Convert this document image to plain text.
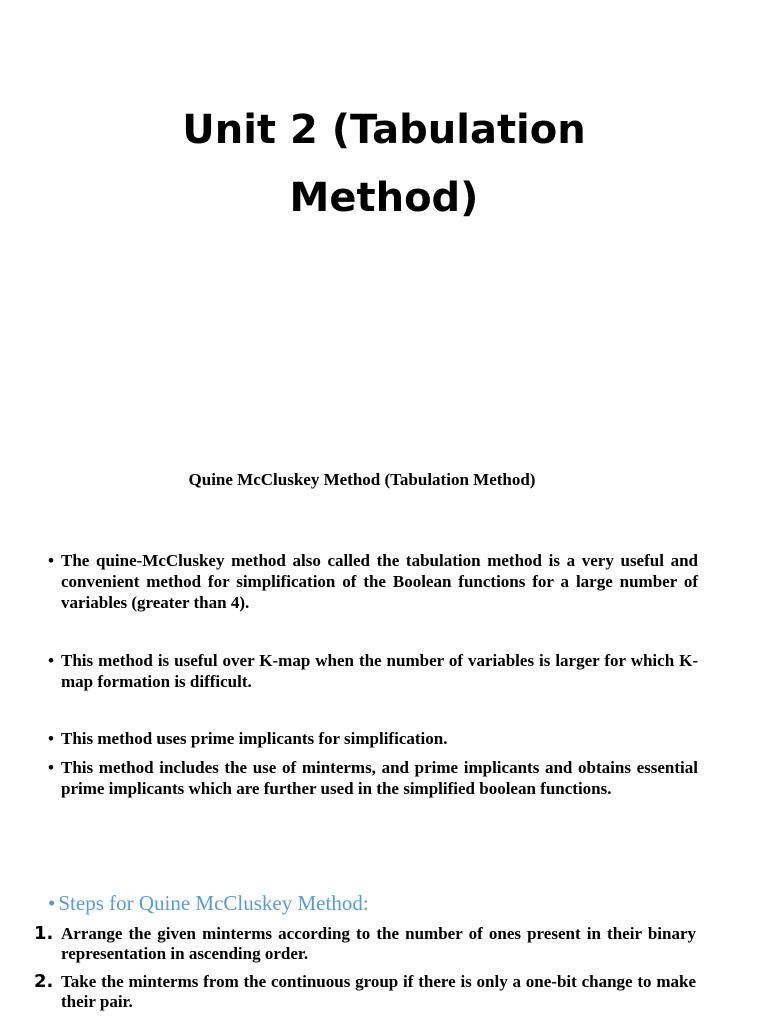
Unit 2 (Tabulation
Method)

Quine McCluskey Method (Tabulation Method)

• The quine-McCluskey method also called the tabulation method is a very useful and convenient method for simplification of the Boolean functions for a large number of variables (greater than 4).
• This method is useful over K-map when the number of variables is larger for which K-map formation is difficult.
• This method uses prime implicants for simplification.
• This method includes the use of minterms, and prime implicants and obtains essential prime implicants which are further used in the simplified boolean functions.

• Steps for Quine McCluskey Method:

1. Arrange the given minterms according to the number of ones present in their binary representation in ascending order.
2. Take the minterms from the continuous group if there is only a one-bit change to make their pair.
